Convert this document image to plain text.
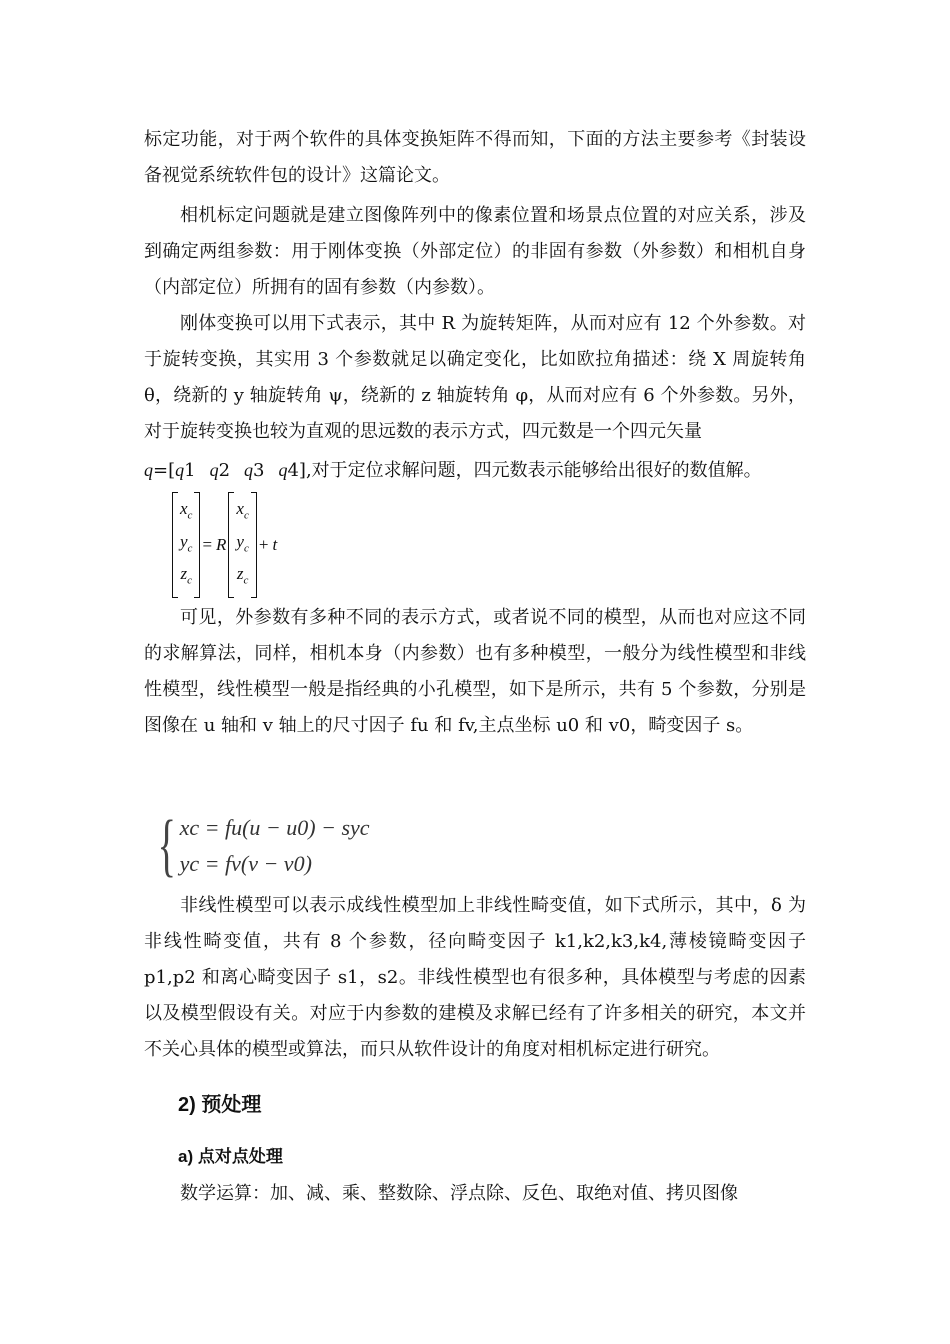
标定功能，对于两个软件的具体变换矩阵不得而知，下面的方法主要参考《封装设备视觉系统软件包的设计》这篇论文。

相机标定问题就是建立图像阵列中的像素位置和场景点位置的对应关系，涉及到确定两组参数：用于刚体变换（外部定位）的非固有参数（外参数）和相机自身（内部定位）所拥有的固有参数（内参数）。

刚体变换可以用下式表示，其中 R 为旋转矩阵，从而对应有 12 个外参数。对于旋转变换，其实用 3 个参数就足以确定变化，比如欧拉角描述：绕 X 周旋转角 θ，绕新的 y 轴旋转角 ψ，绕新的 z 轴旋转角 φ，从而对应有 6 个外参数。另外，对于旋转变换也较为直观的思远数的表示方式，四元数是一个四元矢量

q=[q1 q2 q3 q4],对于定位求解问题，四元数表示能够给出很好的数值解。
$x_c$
$y_c$
$z_c$
= R
$x_c$
$y_c$
$z_c$
+ t

可见，外参数有多种不同的表示方式，或者说不同的模型，从而也对应这不同的求解算法，同样，相机本身（内参数）也有多种模型，一般分为线性模型和非线性模型，线性模型一般是指经典的小孔模型，如下是所示，共有 5 个参数，分别是图像在 u 轴和 v 轴上的尺寸因子 fu 和 fv,主点坐标 u0 和 v0，畸变因子 s。

{ xc = fu(u − u0) − syc
yc = fv(v − v0)

非线性模型可以表示成线性模型加上非线性畸变值，如下式所示，其中，δ 为非线性畸变值，共有 8 个参数，径向畸变因子 k1,k2,k3,k4,薄棱镜畸变因子 p1,p2 和离心畸变因子 s1，s2。非线性模型也有很多种，具体模型与考虑的因素以及模型假设有关。对应于内参数的建模及求解已经有了许多相关的研究，本文并不关心具体的模型或算法，而只从软件设计的角度对相机标定进行研究。

2) 预处理
a) 点对点处理

数学运算：加、减、乘、整数除、浮点除、反色、取绝对值、拷贝图像
